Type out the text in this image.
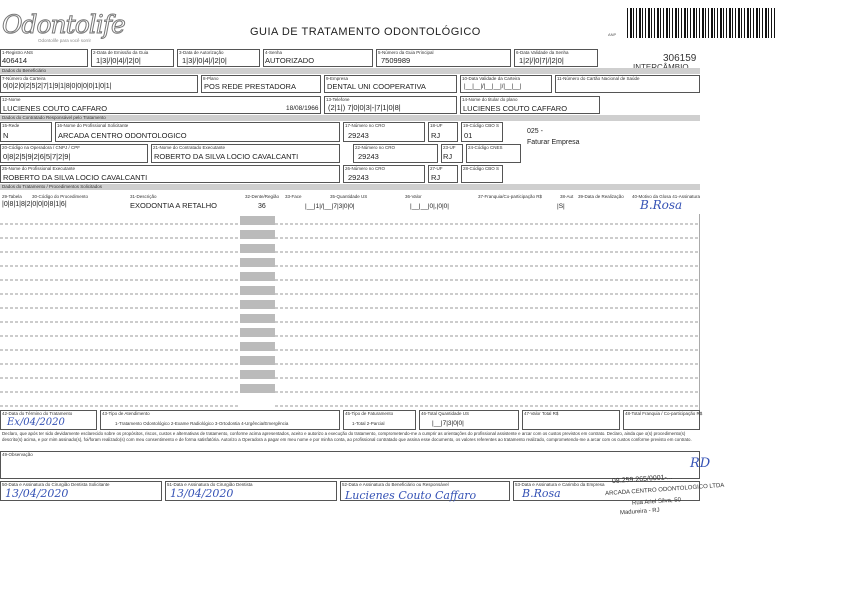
Odontolife
Odontolife para você sorrir
GUIA DE TRATAMENTO ODONTOLÓGICO	ANP
306159
1-Registro ANS
406414
2-Data de Emissão da Guia
1|3|/|0|4|/|2|0|
3-Data de Autorização
1|3|/|0|4|/|2|0|
4-Senha
AUTORIZADO
5-Número da Guia Principal
7509989
6-Data Validade da Senha
1|2|/|0|7|/|2|0|
Dados do Beneficiário
7-Número da Carteira
0|0|2|0|2|5|2|7|1|9|1|8|0|0|0|0|1|0|1|
8-Plano
POS REDE PRESTADORA
9-Empresa
DENTAL UNI COOPERATIVA
10-Data Validade da Carteira
|__|__|/|__|__|/|__|__|
11-Número do Cartão Nacional de Saúde
12-Nome
LUCIENES COUTO CAFFARO	18/08/1966
13-Telefone
(2|1|) 7|0|0|3|-|7|1|0|8|
14-Nome do titular do plano
LUCIENES COUTO CAFFARO
Dados do Contratado Responsável pelo Tratamento
15-Rede
N
16-Nome do Profissional Solicitante
ARCADA CENTRO ODONTOLOGICO
17-Número no CRO
29243
18-UF
RJ
19-Código CBO S
01	025 -
Faturar Empresa
20-Código na Operadora / CNPJ / CPF
0|8|2|5|9|2|6|5|7|2|9|
21-Nome do Contratado Executante
ROBERTO DA SILVA LOCIO CAVALCANTI
22-Número no CRO
29243
23-UF
RJ
24-Código CNES
25-Nome do Profissional Executante
ROBERTO DA SILVA LOCIO CAVALCANTI
26-Número no CRO
29243
27-UF
RJ
28-Código CBO S
Dados do Tratamento / Procedimentos Solicitados
29-Tabela 30-Código do Procedimento	31-Descrição	32-Dente/Região 33-Face	35-Quantidade US	36-Valor	37-Franquia/Co-participação R$	38-Aut 39-Data de Realização 40-Motivo da Glosa 41-Assinatura
|0|8|1|8|2|0|0|0|8|1|6|	EXODONTIA A RETALHO	36	|__|1|/|__|7|3|0|0|	|__|__|0|,|0|0|	|S|	B.Rosa
42-Data do Término do Tratamento
Ex/04/2020
43-Tipo de Atendimento
1-Tratamento Odontológico 2-Exame Radiológico 3-Ortodontia 4-Urgência/Emergência
45-Tipo de Faturamento
1-Total 2-Parcial
46-Total Quantidade US
|__|7|3|0|0|
47-Valor Total R$	48-Total Franquia / Co-participação R$
Declaro, que após ter sido devidamente esclarecido sobre os propósitos, riscos, custos e alternativas de tratamento, conforme acima apresentados, aceito e autorizo a execução do tratamento, comprometendo-me a cumprir as orientações do profissional assistente e arcar com os custos previstos em contrato. Declaro, ainda que o(s) procedimento(s) descrito(s) acima, e por mim assinado(s), foi/foram realizado(s) com meu consentimento e de forma satisfatória. Autorizo a Operadora a pagar em meu nome e por minha conta, ao profissional contratado que assina esse documento, os valores referentes ao tratamento realizado, comprometendo-me a arcar com os custos conforme previsto em contrato.
49-Observação
RD
50-Data e Assinatura do Cirurgião Dentista Solicitante
13/04/2020
51-Data e Assinatura do Cirurgião Dentista
13/04/2020
52-Data e Assinatura do Beneficiário ou Responsável
Lucienes Couto Caffaro
53-Data e Assinatura e Carimbo da Empresa
B.Rosa
08.259.265/0001-...
ARCADA CENTRO ODONTOLOGICO LTDA
Rua Ariel Silva, 50
Madureira - RJ
